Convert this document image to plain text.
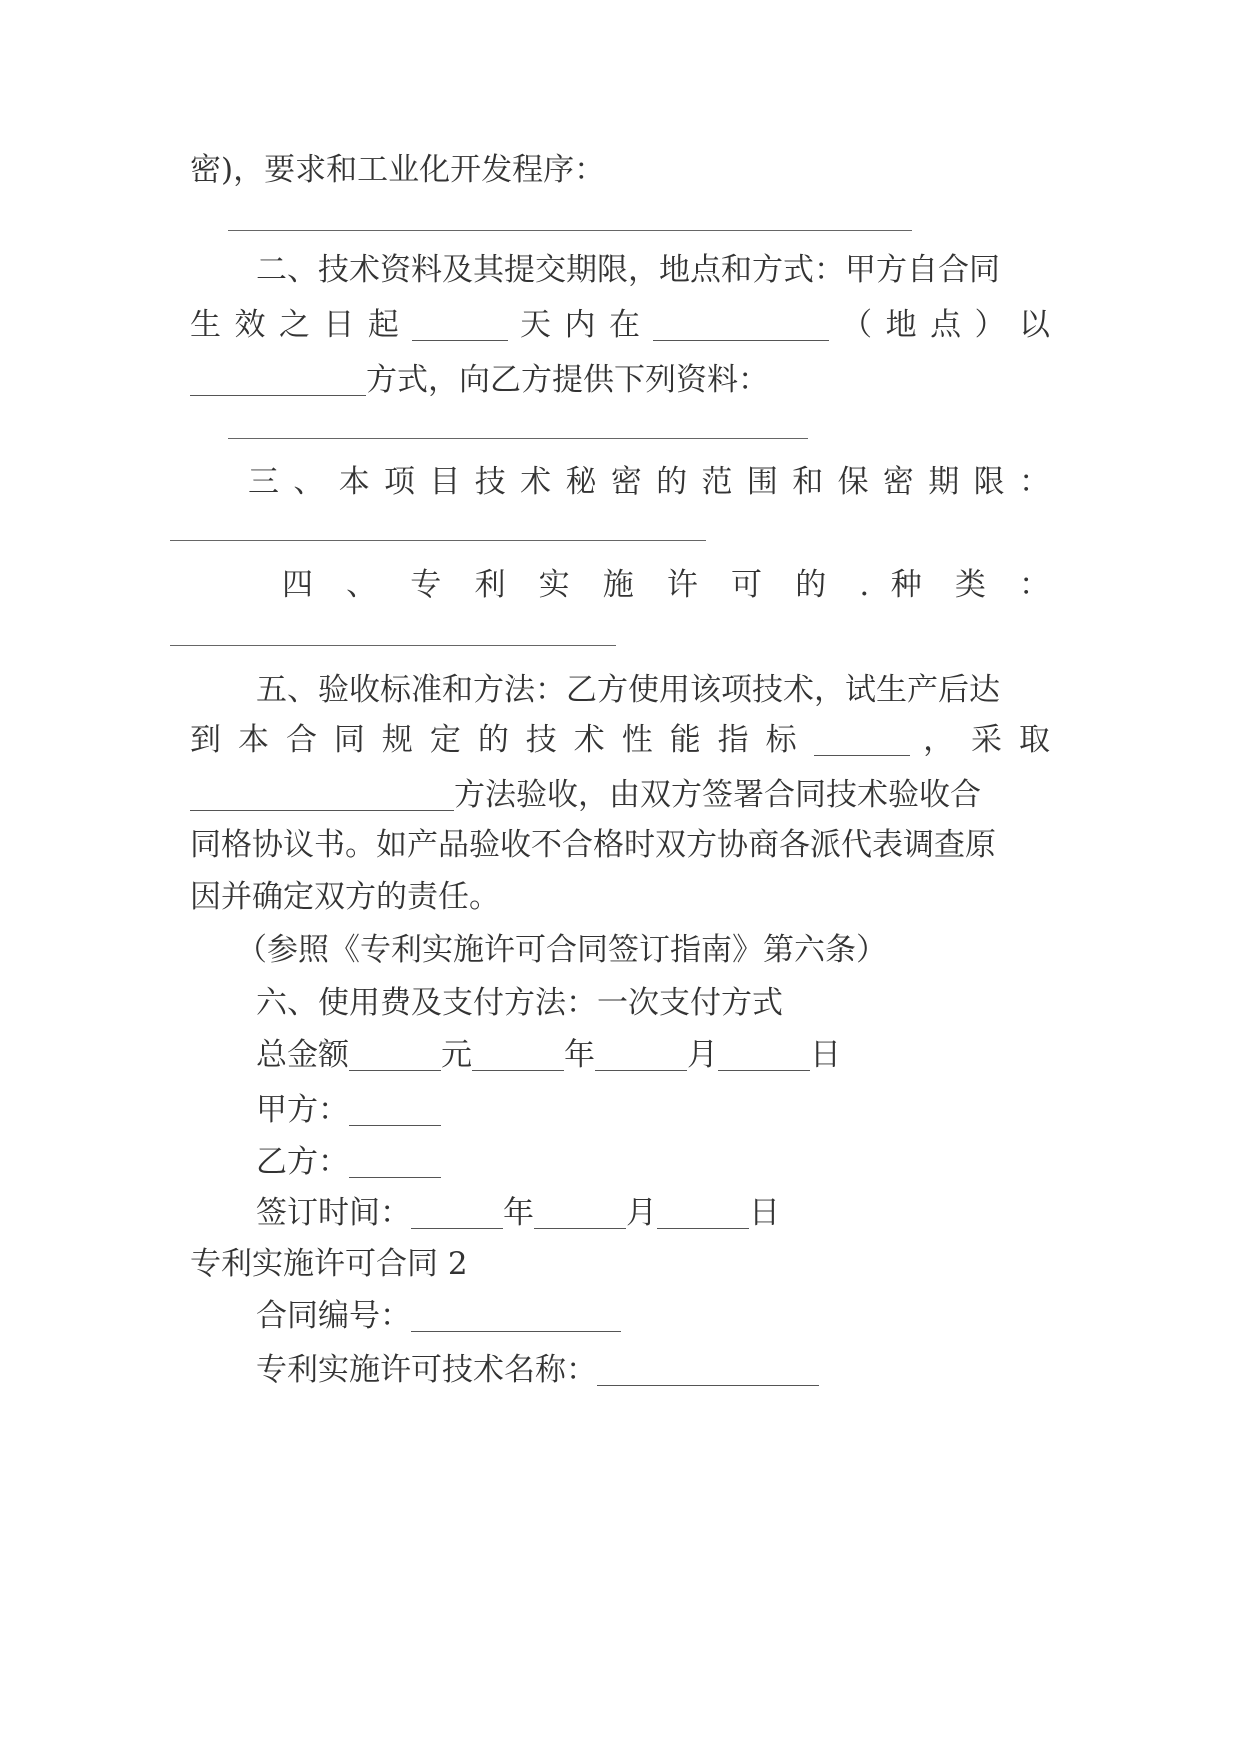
密)，要求和工业化开发程序：
二、技术资料及其提交期限，地点和方式：甲方自合同
生 效 之 日 起	天 内 在	（ 地 点 ） 以
方式，向乙方提供下列资料：
三 、 本 项 目 技 术 秘 密 的 范 围 和 保 密 期 限 ：
四 、 专 利 实 施 许 可 的 . 种 类 ：
五、验收标准和方法：乙方使用该项技术，试生产后达
到 本 合 同 规 定 的 技 术 性 能 指 标	， 采 取
方法验收，由双方签署合同技术验收合
同格协议书。如产品验收不合格时双方协商各派代表调查原
因并确定双方的责任。
（参照《专利实施许可合同签订指南》第六条）
六、使用费及支付方法：一次支付方式
总金额	元	年	月	日
甲方：
乙方：
签订时间：	年	月	日
专利实施许可合同 2
合同编号：
专利实施许可技术名称：
